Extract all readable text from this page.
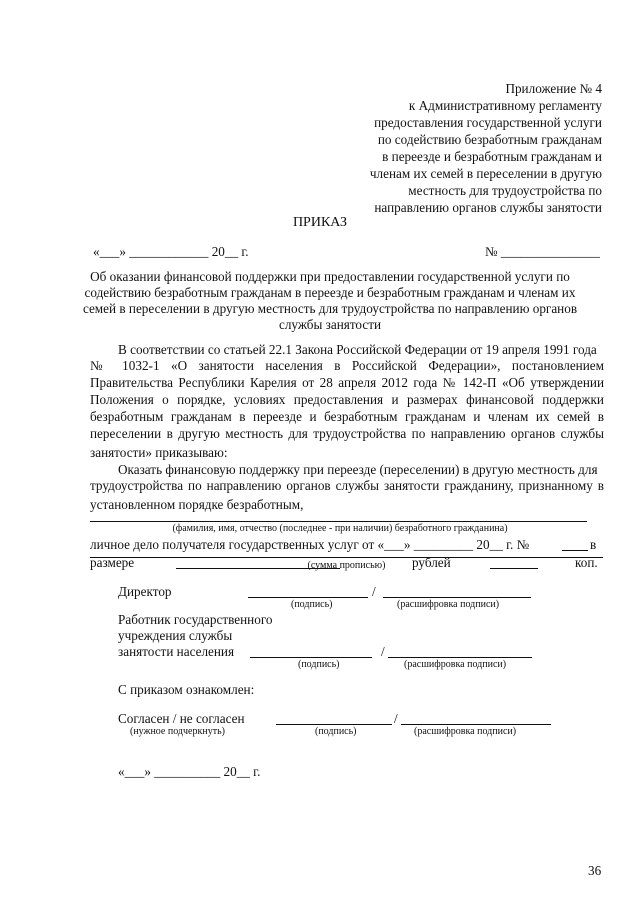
Приложение № 4
к Административному регламенту
предоставления государственной услуги
по содействию безработным гражданам
в переезде и безработным гражданам и
членам их семей в переселении в другую
местность для трудоустройства по
направлению органов службы занятости
ПРИКАЗ
«___» ____________ 20__ г.	№ _______________
Об оказании финансовой поддержки при предоставлении государственной услуги по
содействию безработным гражданам в переезде и безработным гражданам и членам их
семей в переселении в другую местность для трудоустройства по направлению органов
службы занятости
В соответствии со статьей 22.1 Закона Российской Федерации от 19 апреля 1991 года
№ 1032-1 «О занятости населения в Российской Федерации», постановлением
Правительства Республики Карелия от 28 апреля 2012 года № 142-П «Об утверждении
Положения о порядке, условиях предоставления и размерах финансовой поддержки
безработным гражданам в переезде и безработным гражданам и членам их семей в
переселении в другую местность для трудоустройства по направлению органов службы
занятости» приказываю:
Оказать финансовую поддержку при переезде (переселении) в другую местность для
трудоустройства по направлению органов службы занятости гражданину, признанному в
установленном порядке безработным,
(фамилия, имя, отчество (последнее - при наличии) безработного гражданина)
личное дело получателя государственных услуг от «___» _________ 20__ г. №	в
размере	рублей	коп.
(сумма прописью)
Директор	/
(подпись)	(расшифровка подписи)
Работник государственного
учреждения службы
занятости населения	/
(подпись)	(расшифровка подписи)
С приказом ознакомлен:
Согласен / не согласен	/
(нужное подчеркнуть)	(подпись)	(расшифровка подписи)
«___» __________ 20__ г.
36
